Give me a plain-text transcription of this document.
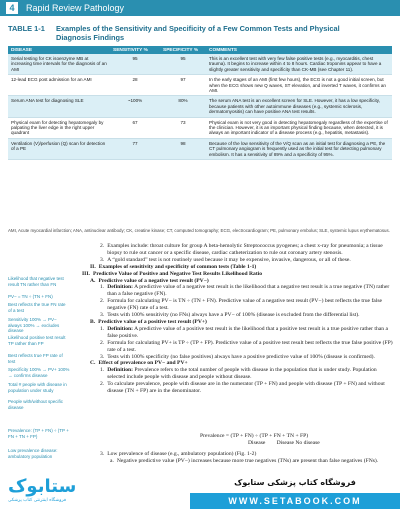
4	Rapid Review Pathology
TABLE 1-1 Examples of the Sensitivity and Specificity of a Few Common Tests and Physical
Diagnosis Findings
DISEASE	SENSITIVITY %	SPECIFICITY %	COMMENTS
Serial testing for CK isoenzyme MB at increasing time intervals for the diagnosis of an AMI	95	95	This is an excellent test with very few false positive tests (e.g., myocarditis, chest trauma). It begins to increase within 4 to 8 hours. Cardiac troponins appear to have a slightly greater sensitivity and specificity than CK-MB (see Chapter 11).
12-lead ECG post admission for an AMI	28	97	In the early stages of an AMI (first few hours), the ECG is not a good initial screen, but when the ECG shows new Q waves, ST elevation, and inverted T waves, it confirms an AMI.
Serum ANA test for diagnosing SLE	~100%	80%	The serum ANA test is an excellent screen for SLE. However, it has a low specificity, because patients with other autoimmune diseases (e.g., systemic sclerosis, dermatomyositis) can have positive ANA test results.
Physical exam for detecting hepatomegaly by palpating the liver edge in the right upper quadrant	67	73	Physical exam is not very good in detecting hepatomegaly regardless of the expertise of the clinician. However, it is an important physical finding because, when detected, it is always an important indicator of a disease process (e.g., hepatitis, metastasis).
Ventilation (V)/perfusion (Q) scan for detection of a PE	77	98	Because of the low sensitivity of the V/Q scan as an initial test for diagnosing a PE, the CT pulmonary angiogram is frequently used as the initial test for detecting pulmonary embolism. It has a sensitivity of 89% and a specificity of 95%.
AMI, Acute myocardial infarction; ANA, antinuclear antibody; CK, creatine kinase; CT, computed tomography; ECG, electrocardiogram; PE, pulmonary embolus; SLE, systemic lupus erythematosus.
Likelihood that negative test result TN rather than FN
PV− = TN ÷ (TN + FN)
Best reflects the true FN rate of a test
Sensitivity 100% → PV− always 100% → excludes disease
Likelihood positive test result TP rather than FP
Best reflects true FP rate of test
Specificity 100% → PV+ 100% → confirms disease
Total # people with disease in population under study
People with/without specific disease
Prevalence: (TP + FN) ÷ (TP + FN + TN + FP)
Low prevalence disease: ambulatory population
2. Examples include: throat culture for group A beta-hemolytic Streptococcus pyogenes; a chest x-ray for pneumonia; a tissue biopsy to rule out cancer or a specific disease, cardiac catheterization to rule out coronary artery stenosis.
3. A “gold standard” test is not routinely used because it may be expensive, invasive, dangerous, or all of these.
II. Examples of sensitivity and specificity of common tests (Table 1-1)
III. Predictive Value of Positive and Negative Test Results Likelihood Ratio
A. Predictive value of a negative test result (PV−)
1. Definition: A predictive value of a negative test result is the likelihood that a negative test result is a true negative (TN) rather than a false negative (FN).
2. Formula for calculating PV− is TN ÷ (TN + FN). Predictive value of a negative test result (PV−) best reflects the true false negative (FN) rate of a test.
3. Tests with 100% sensitivity (no FNs) always have a PV− of 100% (disease is excluded from the differential list).
B. Predictive value of a positive test result (PV+)
1. Definition: A predictive value of a positive test result is the likelihood that a positive test result is a true positive rather than a false positive.
2. Formula for calculating PV+ is TP ÷ (TP + FP). Predictive value of a positive test result best reflects the true false positive (FP) rate of a test.
3. Tests with 100% specificity (no false positives) always have a positive predictive value of 100% (disease is confirmed).
C. Effect of prevalence on PV− and PV+
1. Definition: Prevalence refers to the total number of people with disease in the population that is under study. Population selected include people with disease and people without disease.
2. To calculate prevalence, people with disease are in the numerator (TP + FN) and people with disease (TP + FN) and without disease (TN + FP) are in the denominator.
Prevalence = (TP + FN) ÷ (TP + FN + TN + FP)
Disease Disease No disease
3. Low prevalence of disease (e.g., ambulatory population) (Fig. 1-2)
a. Negative predictive value (PV−) increases because more true negatives (TNs) are present than false negatives (FNs).
ستابوک
فروشگاه اینترنتی کتاب پزشکی
فروشگاه کتاب پزشکی ستابوک
WWW.SETABOOK.COM
